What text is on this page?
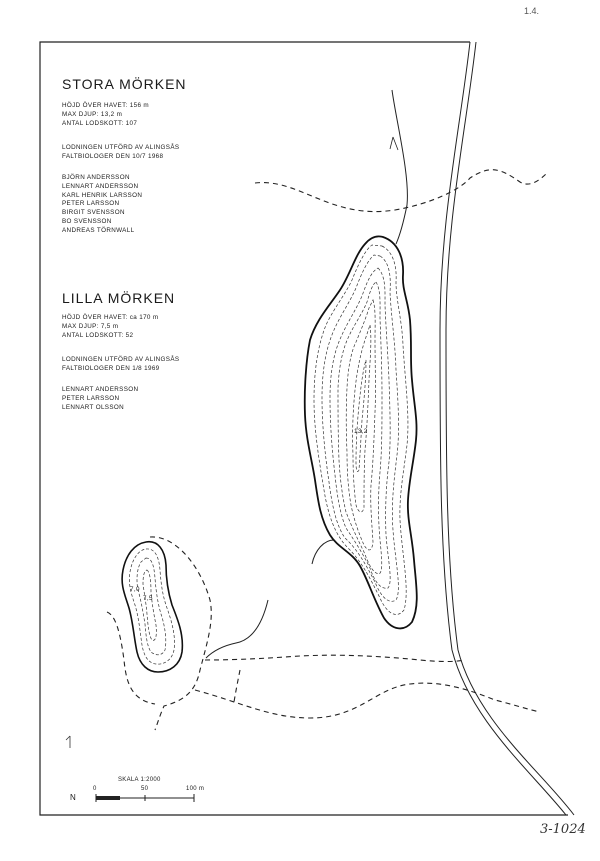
1.4.
3-1024
STORA MÖRKEN
HÖJD ÖVER HAVET: 156 m
MAX DJUP: 13,2 m
ANTAL LODSKOTT: 107
LODNINGEN UTFÖRD AV ALINGSÅS
FALTBIOLOGER DEN 10/7 1968
BJÖRN ANDERSSON
LENNART ANDERSSON
KARL HENRIK LARSSON
PETER LARSSON
BIRGIT SVENSSON
BO SVENSSON
ANDREAS TÖRNWALL
LILLA MÖRKEN
HÖJD ÖVER HAVET: ca 170 m
MAX DJUP: 7,5 m
ANTAL LODSKOTT: 52
LODNINGEN UTFÖRD AV ALINGSÅS
FALTBIOLOGER DEN 1/8 1969
LENNART ANDERSSON
PETER LARSSON
LENNART OLSSON
7,0
7,5
13,2
SKALA 1:2000
0	50	100 m
N
